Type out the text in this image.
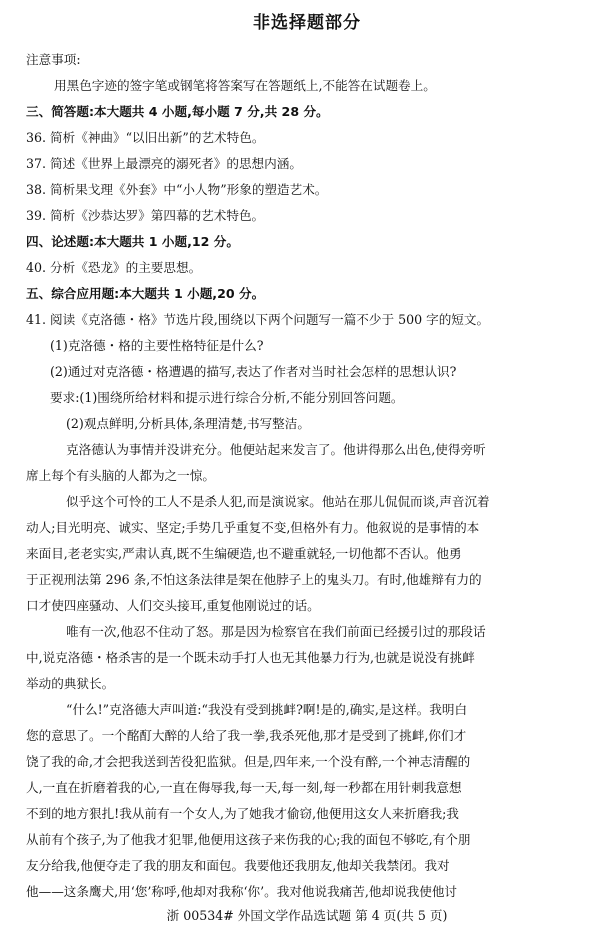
非选择题部分
注意事项:
用黑色字迹的签字笔或钢笔将答案写在答题纸上,不能答在试题卷上。
三、简答题:本大题共 4 小题,每小题 7 分,共 28 分。
36. 简析《神曲》“以旧出新”的艺术特色。
37. 简述《世界上最漂亮的溺死者》的思想内涵。
38. 简析果戈理《外套》中“小人物”形象的塑造艺术。
39. 简析《沙恭达罗》第四幕的艺术特色。
四、论述题:本大题共 1 小题,12 分。
40. 分析《恐龙》的主要思想。
五、综合应用题:本大题共 1 小题,20 分。
41. 阅读《克洛德・格》节选片段,围绕以下两个问题写一篇不少于 500 字的短文。
(1)克洛德・格的主要性格特征是什么?
(2)通过对克洛德・格遭遇的描写,表达了作者对当时社会怎样的思想认识?
要求:(1)围绕所给材料和提示进行综合分析,不能分别回答问题。
(2)观点鲜明,分析具体,条理清楚,书写整洁。
克洛德认为事情并没讲充分。他便站起来发言了。他讲得那么出色,使得旁听
席上每个有头脑的人都为之一惊。
似乎这个可怜的工人不是杀人犯,而是演说家。他站在那儿侃侃而谈,声音沉着
动人;目光明亮、诚实、坚定;手势几乎重复不变,但格外有力。他叙说的是事情的本
来面目,老老实实,严肃认真,既不生编硬造,也不避重就轻,一切他都不否认。他勇
于正视刑法第 296 条,不怕这条法律是架在他脖子上的鬼头刀。有时,他雄辩有力的
口才使四座骚动、人们交头接耳,重复他刚说过的话。
唯有一次,他忍不住动了怒。那是因为检察官在我们前面已经援引过的那段话
中,说克洛德・格杀害的是一个既未动手打人也无其他暴力行为,也就是说没有挑衅
举动的典狱长。
“什么!”克洛德大声叫道:“我没有受到挑衅?啊!是的,确实,是这样。我明白
您的意思了。一个酩酊大醉的人给了我一拳,我杀死他,那才是受到了挑衅,你们才
饶了我的命,才会把我送到苦役犯监狱。但是,四年来,一个没有醉,一个神志清醒的
人,一直在折磨着我的心,一直在侮辱我,每一天,每一刻,每一秒都在用针刺我意想
不到的地方狠扎!我从前有一个女人,为了她我才偷窃,他便用这女人来折磨我;我
从前有个孩子,为了他我才犯罪,他便用这孩子来伤我的心;我的面包不够吃,有个朋
友分给我,他便夺走了我的朋友和面包。我要他还我朋友,他却关我禁闭。我对
他——这条鹰犬,用‘您’称呼,他却对我称‘你’。我对他说我痛苦,他却说我使他讨
浙 00534# 外国文学作品选试题 第 4 页(共 5 页)
